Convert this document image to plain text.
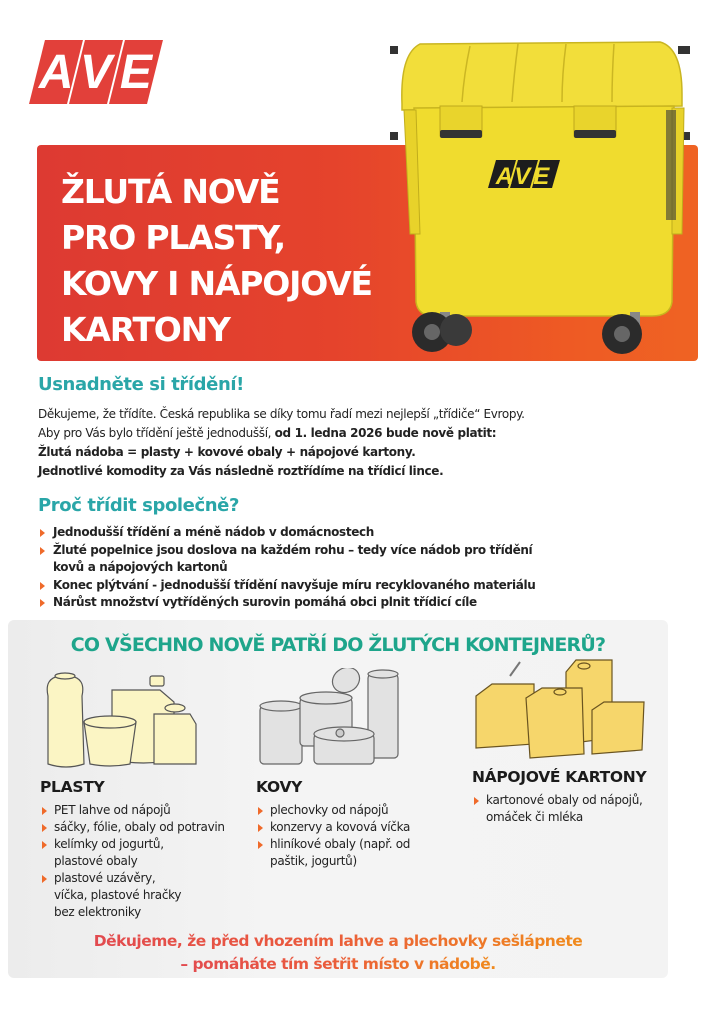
A V E
ŽLUTÁ NOVĚ
PRO PLASTY,
KOVY I NÁPOJOVÉ
KARTONY
AVE
Usnadněte si třídění!
Děkujeme, že třídíte. Česká republika se díky tomu řadí mezi nejlepší „třídiče“ Evropy.
Aby pro Vás bylo třídění ještě jednodušší, od 1. ledna 2026 bude nově platit:
Žlutá nádoba = plasty + kovové obaly + nápojové kartony.
Jednotlivé komodity za Vás následně roztřídíme na třídicí lince.
Proč třídit společně?
Jednodušší třídění a méně nádob v domácnostech
Žluté popelnice jsou doslova na každém rohu – tedy více nádob pro třídění kovů a nápojových kartonů
Konec plýtvání - jednodušší třídění navyšuje míru recyklovaného materiálu
Nárůst množství vytříděných surovin pomáhá obci plnit třídicí cíle
CO VŠECHNO NOVĚ PATŘÍ DO ŽLUTÝCH KONTEJNERŮ?
PLASTY
PET lahve od nápojů
sáčky, fólie, obaly od potravin
kelímky od jogurtů, plastové obaly
plastové uzávěry, víčka, plastové hračky bez elektroniky
KOVY
plechovky od nápojů
konzervy a kovová víčka
hliníkové obaly (např. od paštik, jogurtů)
NÁPOJOVÉ KARTONY
kartonové obaly od nápojů, omáček či mléka
Děkujeme, že před vhozením lahve a plechovky sešlápnete
– pomáháte tím šetřit místo v nádobě.
